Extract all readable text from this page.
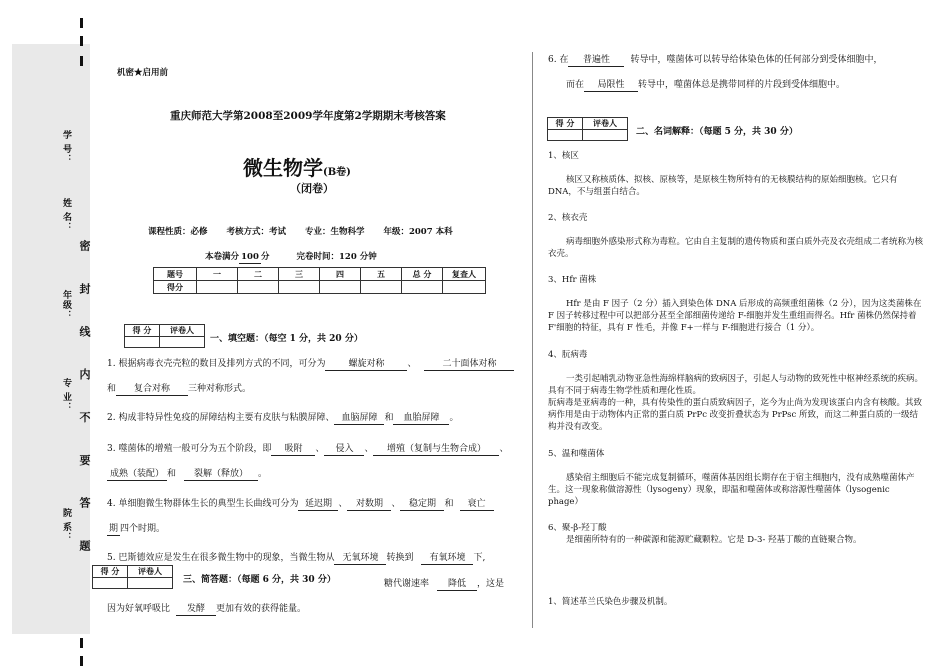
学 号：
姓 名：
年级：
专 业：
院 系： 密 封 线 内 不 要 答 题
机密★启用前
重庆师范大学第2008至2009学年度第2学期期末考核答案
微生物学(B卷)
（闭卷）
课程性质：必修 考核方式：考试 专业：生物科学 年级：2007 本科
本卷满分 100 分	完卷时间：120 分钟
题号	一	二	三	四	五	总 分	复查人
得分							
得 分	评卷人

一、填空题：（每空 1 分，共 20 分）
1. 根据病毒衣壳壳粒的数目及排列方式的不同，可分为	螺旋对称	、	二十面体对称
和 复合对称 三种对称形式。
2. 构成非特异性免疫的屏障结构主要有皮肤与粘膜屏障、 血脑屏障 和 血胎屏障 。
3. 噬菌体的增殖一般可分为五个阶段，即 吸附 、 侵入 、 增殖（复制与生物合成） 、
成熟（装配） 和 裂解（释放） 。
4. 单细胞微生物群体生长的典型生长曲线可分为 延迟期 、 对数期 、 稳定期 和 衰亡
期 四个时期。
5. 巴斯德效应是发生在很多微生物中的现象，当微生物从 无氧环境 转换到 有氧环境 下,
得 分	评卷人

三、简答题：（每题 6 分，共 30 分）	糖代谢速率 降低 ，这是
因为好氧呼吸比 发酵 更加有效的获得能量。
6. 在 普遍性 转导中，噬菌体可以转导给体染色体的任何部分到受体细胞中，
而在 局限性 转导中，噬菌体总是携带同样的片段到受体细胞中。
得 分	评卷人

二、名词解释：（每题 5 分，共 30 分）
1、核区
核区又称核质体、拟核、原核等，是原核生物所特有的无核膜结构的原始细胞核。它只有DNA，不与组蛋白结合。
2、核衣壳
病毒细胞外感染形式称为毒粒。它由自主复制的遗传物质和蛋白质外壳及衣壳组成二者统称为核衣壳。
3、Hfr 菌株
Hfr 是由 F 因子（2 分）插入到染色体 DNA 后形成的高频重组菌株（2 分），因为这类菌株在 F 因子转移过程中可以把部分甚至全部细菌传递给 F-细胞并发生重组而得名。Hfr 菌株仍然保持着 F'细胞的特征，具有 F 性毛，并像 F+一样与 F-细胞进行接合（1 分）。
4、朊病毒
一类引起哺乳动物亚急性海绵样脑病的致病因子，引起人与动物的致死性中枢神经系统的疾病。具有不同于病毒生物学性质和理化性质。
朊病毒是亚病毒的一种，具有传染性的蛋白质致病因子，迄今为止尚为发现该蛋白内含有核酸。其致病作用是由于动物体内正常的蛋白质 PrPc 改变折叠状态为 PrPsc 所致，而这二种蛋白质的一级结构并没有改变。
5、温和噬菌体
感染宿主细胞后不能完成复制循环，噬菌体基因组长期存在于宿主细胞内，没有成熟噬菌体产生。这一现象称做溶源性（lysogeny）现象，即温和噬菌体或称溶源性噬菌体（lysogenic phage）
6、聚-β-羟丁酸
是细菌所特有的一种碳源和能源贮藏颗粒。它是 D-3- 羟基丁酸的直链聚合物。
1、简述革兰氏染色步骤及机制。
